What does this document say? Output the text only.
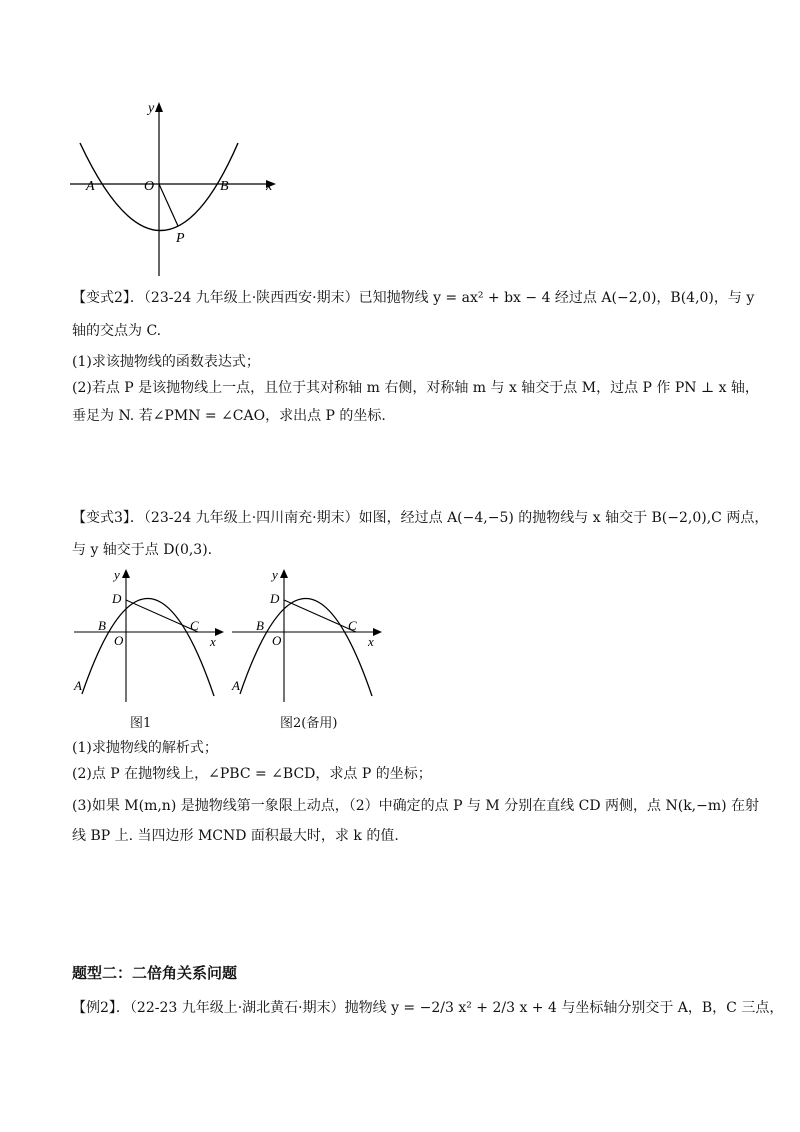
y
x
A	O	B
P
【变式2】．（23-24 九年级上·陕西西安·期末）已知抛物线 y = ax² + bx − 4 经过点 A(−2,0)，B(4,0)，与 y
轴的交点为 C.
(1)求该抛物线的函数表达式；
(2)若点 P 是该抛物线上一点，且位于其对称轴 m 右侧，对称轴 m 与 x 轴交于点 M，过点 P 作 PN ⊥ x 轴，
垂足为 N. 若∠PMN = ∠CAO，求出点 P 的坐标.
【变式3】．（23-24 九年级上·四川南充·期末）如图，经过点 A(−4,−5) 的抛物线与 x 轴交于 B(−2,0),C 两点，
与 y 轴交于点 D(0,3).
y
x
D
B
O
C
A
图1
y
x
D
B
O
C
A
图2(备用)
(1)求抛物线的解析式；
(2)点 P 在抛物线上，∠PBC = ∠BCD，求点 P 的坐标；
(3)如果 M(m,n) 是抛物线第一象限上动点，（2）中确定的点 P 与 M 分别在直线 CD 两侧，点 N(k,−m) 在射
线 BP 上. 当四边形 MCND 面积最大时，求 k 的值.
题型二：二倍角关系问题
【例2】．（22-23 九年级上·湖北黄石·期末）抛物线 y = −2/3 x² + 2/3 x + 4 与坐标轴分别交于 A，B，C 三点，
